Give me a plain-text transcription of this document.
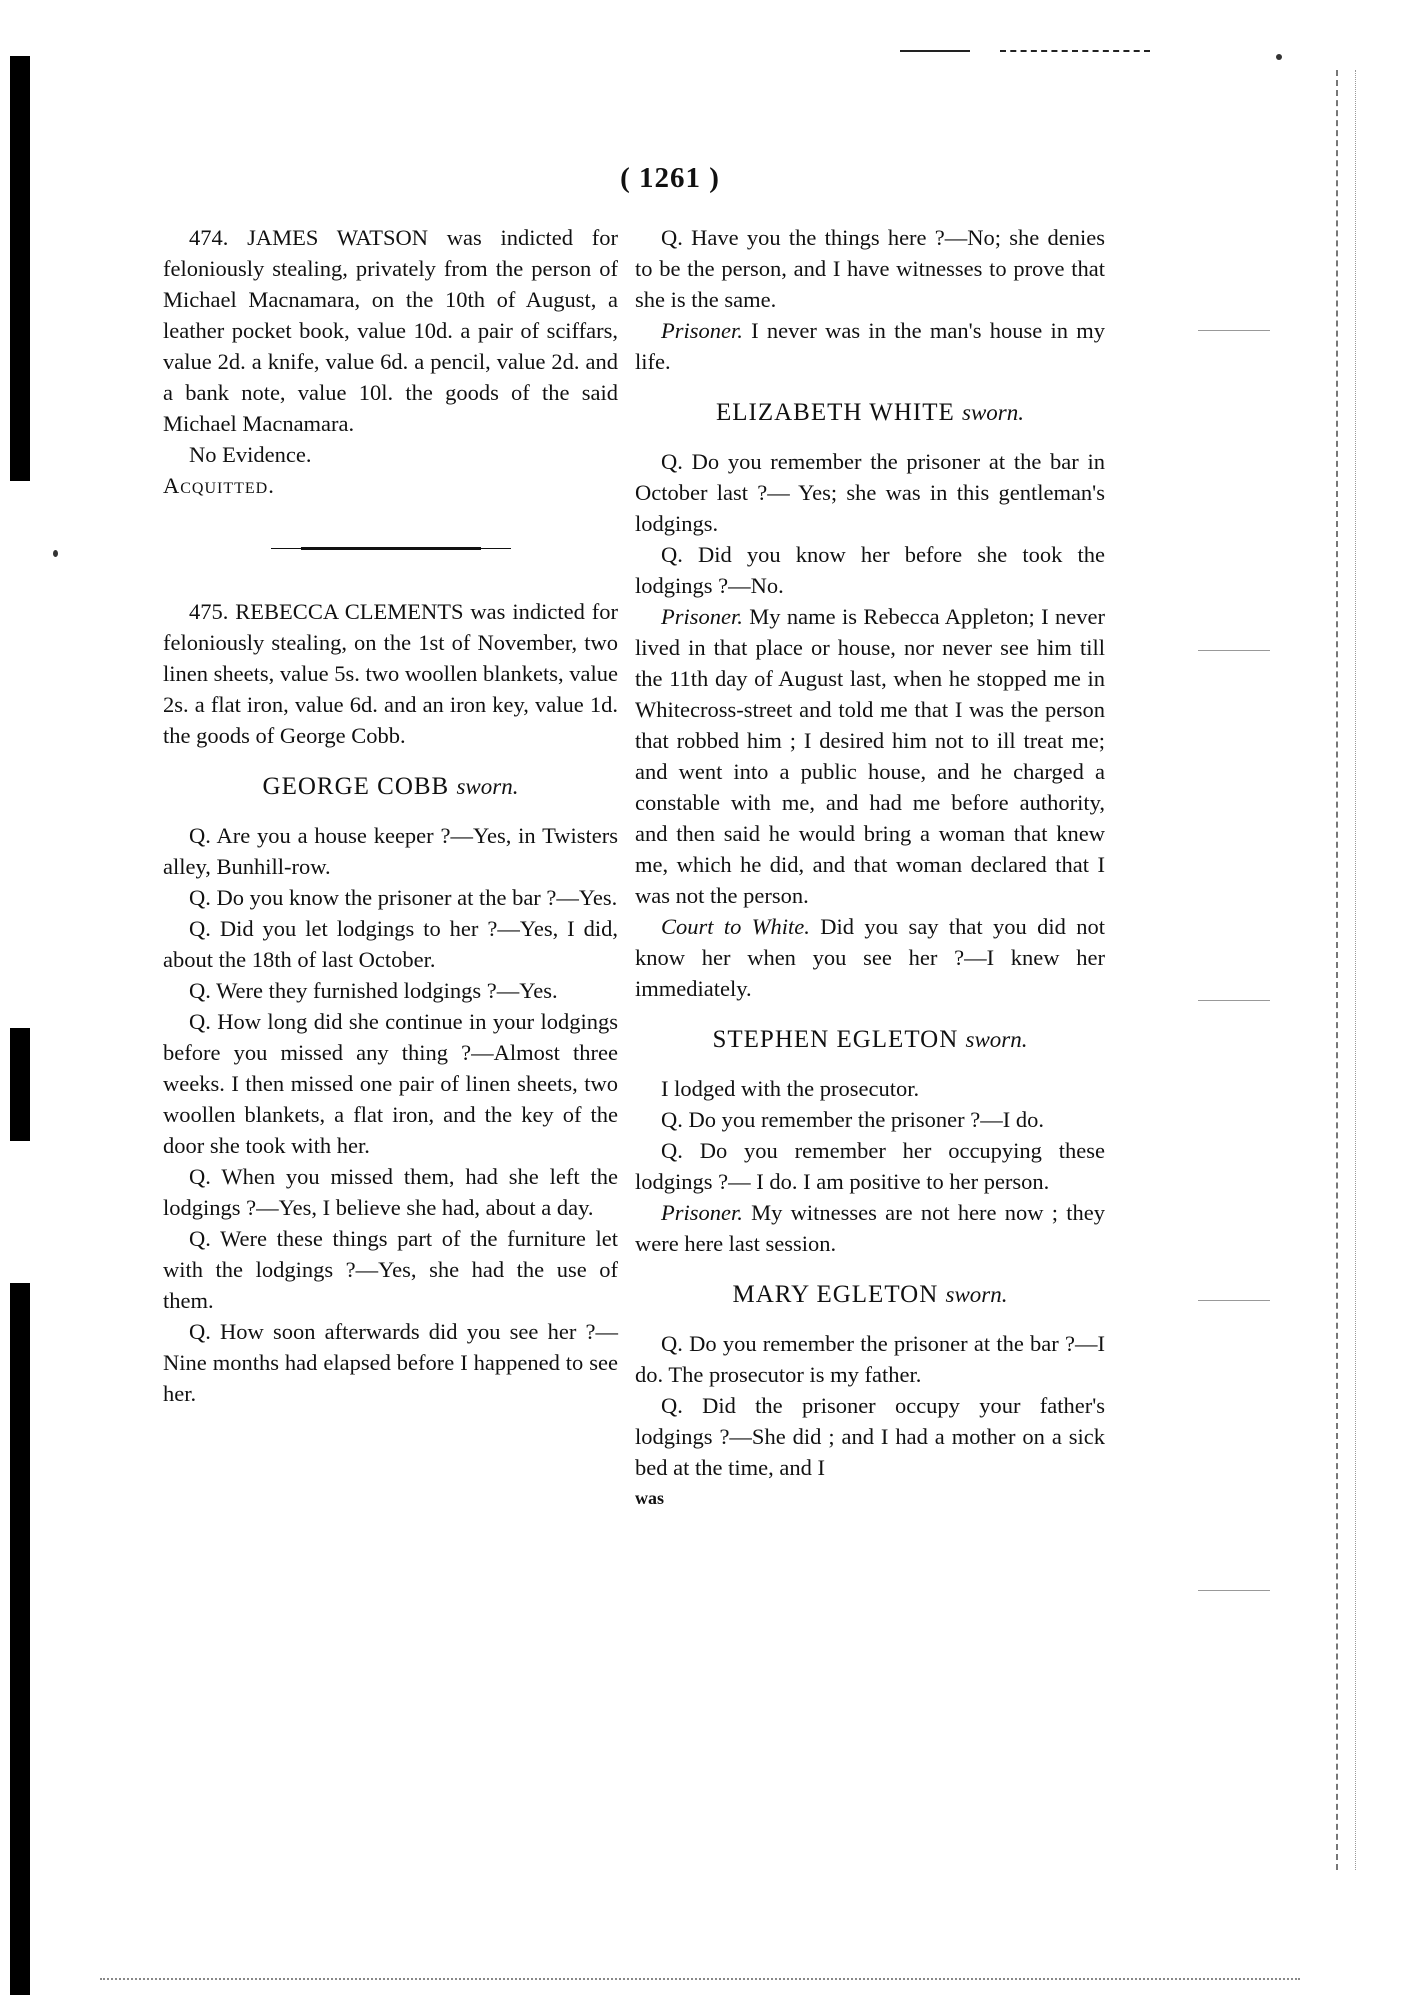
( 1261 )

474. JAMES WATSON was indicted for feloniously stealing, privately from the person of Michael Macnamara, on the 10th of August, a leather pocket book, value 10d. a pair of sciffars, value 2d. a knife, value 6d. a pencil, value 2d. and a bank note, value 10l. the goods of the said Michael Macnamara.

No Evidence.

Acquitted.

475. REBECCA CLEMENTS was indicted for feloniously stealing, on the 1st of November, two linen sheets, value 5s. two woollen blankets, value 2s. a flat iron, value 6d. and an iron key, value 1d. the goods of George Cobb.

GEORGE COBB sworn.

Q. Are you a house keeper ?—Yes, in Twisters alley, Bunhill-row.

Q. Do you know the prisoner at the bar ?—Yes.

Q. Did you let lodgings to her ?—Yes, I did, about the 18th of last October.

Q. Were they furnished lodgings ?—Yes.

Q. How long did she continue in your lodgings before you missed any thing ?—Almost three weeks. I then missed one pair of linen sheets, two woollen blankets, a flat iron, and the key of the door she took with her.

Q. When you missed them, had she left the lodgings ?—Yes, I believe she had, about a day.

Q. Were these things part of the furniture let with the lodgings ?—Yes, she had the use of them.

Q. How soon afterwards did you see her ?—Nine months had elapsed before I happened to see her.

Q. Have you the things here ?—No; she denies to be the person, and I have witnesses to prove that she is the same.

Prisoner. I never was in the man's house in my life.

ELIZABETH WHITE sworn.

Q. Do you remember the prisoner at the bar in October last ?— Yes; she was in this gentleman's lodgings.

Q. Did you know her before she took the lodgings ?—No.

Prisoner. My name is Rebecca Appleton; I never lived in that place or house, nor never see him till the 11th day of August last, when he stopped me in Whitecross-street and told me that I was the person that robbed him ; I desired him not to ill treat me; and went into a public house, and he charged a constable with me, and had me before authority, and then said he would bring a woman that knew me, which he did, and that woman declared that I was not the person.

Court to White. Did you say that you did not know her when you see her ?—I knew her immediately.

STEPHEN EGLETON sworn.

I lodged with the prosecutor.

Q. Do you remember the prisoner ?—I do.

Q. Do you remember her occupying these lodgings ?— I do. I am positive to her person.

Prisoner. My witnesses are not here now ; they were here last session.

MARY EGLETON sworn.

Q. Do you remember the prisoner at the bar ?—I do. The prosecutor is my father.

Q. Did the prisoner occupy your father's lodgings ?—She did ; and I had a mother on a sick bed at the time, and I

was
